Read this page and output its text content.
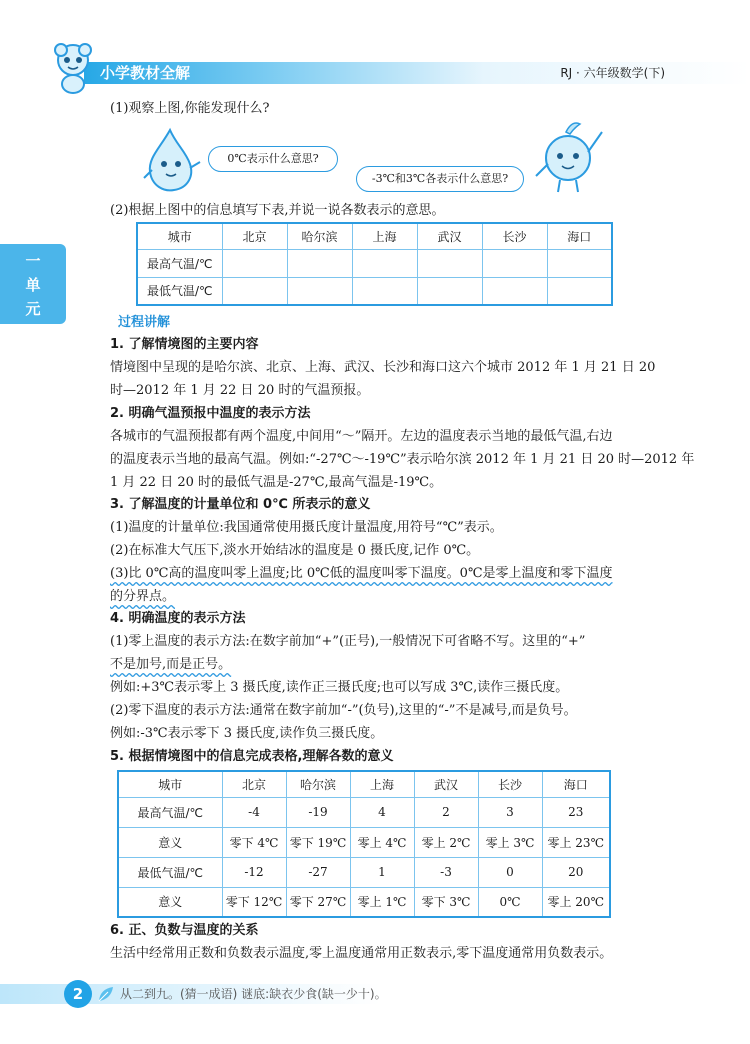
小学教材全解	RJ · 六年级数学(下)
一
单
元
(1)观察上图,你能发现什么?
0℃表示什么意思?
-3℃和3℃各表示什么意思?
(2)根据上图中的信息填写下表,并说一说各数表示的意思。
城市	北京	哈尔滨	上海	武汉	长沙	海口
最高气温/℃						
最低气温/℃						
过程讲解
1. 了解情境图的主要内容
情境图中呈现的是哈尔滨、北京、上海、武汉、长沙和海口这六个城市 2012 年 1 月 21 日 20
时—2012 年 1 月 22 日 20 时的气温预报。
2. 明确气温预报中温度的表示方法
各城市的气温预报都有两个温度,中间用“～”隔开。左边的温度表示当地的最低气温,右边
的温度表示当地的最高气温。例如:“-27℃～-19℃”表示哈尔滨 2012 年 1 月 21 日 20 时—2012 年
1 月 22 日 20 时的最低气温是-27℃,最高气温是-19℃。
3. 了解温度的计量单位和 0℃ 所表示的意义
(1)温度的计量单位:我国通常使用摄氏度计量温度,用符号“℃”表示。
(2)在标准大气压下,淡水开始结冰的温度是 0 摄氏度,记作 0℃。
(3)比 0℃高的温度叫零上温度;比 0℃低的温度叫零下温度。0℃是零上温度和零下温度
的分界点。
4. 明确温度的表示方法
(1)零上温度的表示方法:在数字前加“+”(正号),一般情况下可省略不写。这里的“+”
不是加号,而是正号。
例如:+3℃表示零上 3 摄氏度,读作正三摄氏度;也可以写成 3℃,读作三摄氏度。
(2)零下温度的表示方法:通常在数字前加“-”(负号),这里的“-”不是减号,而是负号。
例如:-3℃表示零下 3 摄氏度,读作负三摄氏度。
5. 根据情境图中的信息完成表格,理解各数的意义
城市	北京	哈尔滨	上海	武汉	长沙	海口
最高气温/℃	-4	-19	4	2	3	23
意义	零下 4℃	零下 19℃	零上 4℃	零上 2℃	零上 3℃	零上 23℃
最低气温/℃	-12	-27	1	-3	0	20
意义	零下 12℃	零下 27℃	零上 1℃	零下 3℃	0℃	零上 20℃
6. 正、负数与温度的关系
生活中经常用正数和负数表示温度,零上温度通常用正数表示,零下温度通常用负数表示。
2	从二到九。(猜一成语) 谜底:缺衣少食(缺一少十)。
